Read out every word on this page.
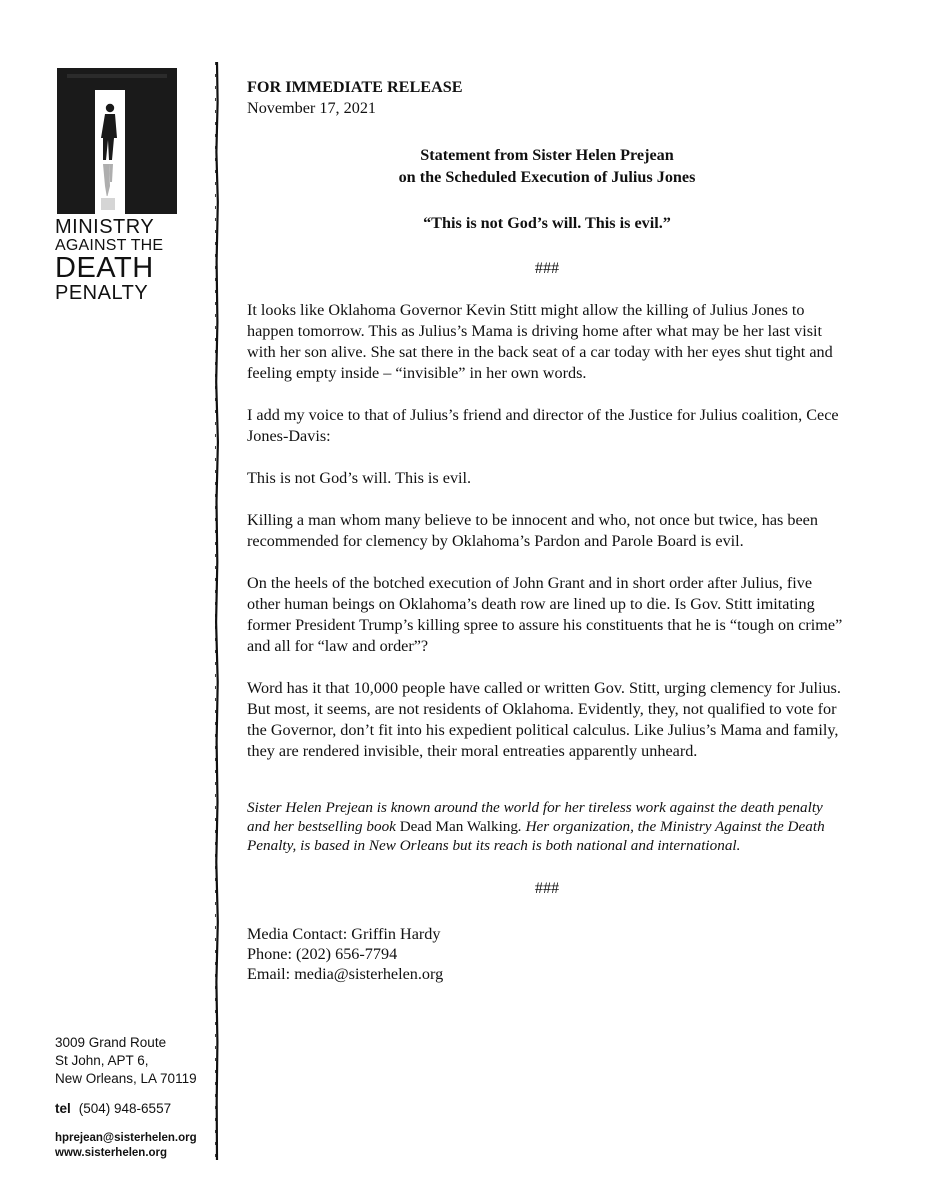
MINISTRY
AGAINST THE
DEATH
PENALTY
3009 Grand Route
St John, APT 6,
New Orleans, LA 70119
tel (504) 948-6557
hprejean@sisterhelen.org
www.sisterhelen.org

FOR IMMEDIATE RELEASE

November 17, 2021

Statement from Sister Helen Prejean
on the Scheduled Execution of Julius Jones

“This is not God’s will. This is evil.”

###

It looks like Oklahoma Governor Kevin Stitt might allow the killing of Julius Jones to happen tomorrow. This as Julius’s Mama is driving home after what may be her last visit with her son alive. She sat there in the back seat of a car today with her eyes shut tight and feeling empty inside – “invisible” in her own words.

I add my voice to that of Julius’s friend and director of the Justice for Julius coalition, Cece Jones-Davis:

This is not God’s will. This is evil.

Killing a man whom many believe to be innocent and who, not once but twice, has been recommended for clemency by Oklahoma’s Pardon and Parole Board is evil.

On the heels of the botched execution of John Grant and in short order after Julius, five other human beings on Oklahoma’s death row are lined up to die. Is Gov. Stitt imitating former President Trump’s killing spree to assure his constituents that he is “tough on crime” and all for “law and order”?

Word has it that 10,000 people have called or written Gov. Stitt, urging clemency for Julius. But most, it seems, are not residents of Oklahoma. Evidently, they, not qualified to vote for the Governor, don’t fit into his expedient political calculus. Like Julius’s Mama and family, they are rendered invisible, their moral entreaties apparently unheard.

Sister Helen Prejean is known around the world for her tireless work against the death penalty and her bestselling book Dead Man Walking. Her organization, the Ministry Against the Death Penalty, is based in New Orleans but its reach is both national and international.

###

Media Contact: Griffin Hardy
Phone: (202) 656-7794
Email: media@sisterhelen.org
